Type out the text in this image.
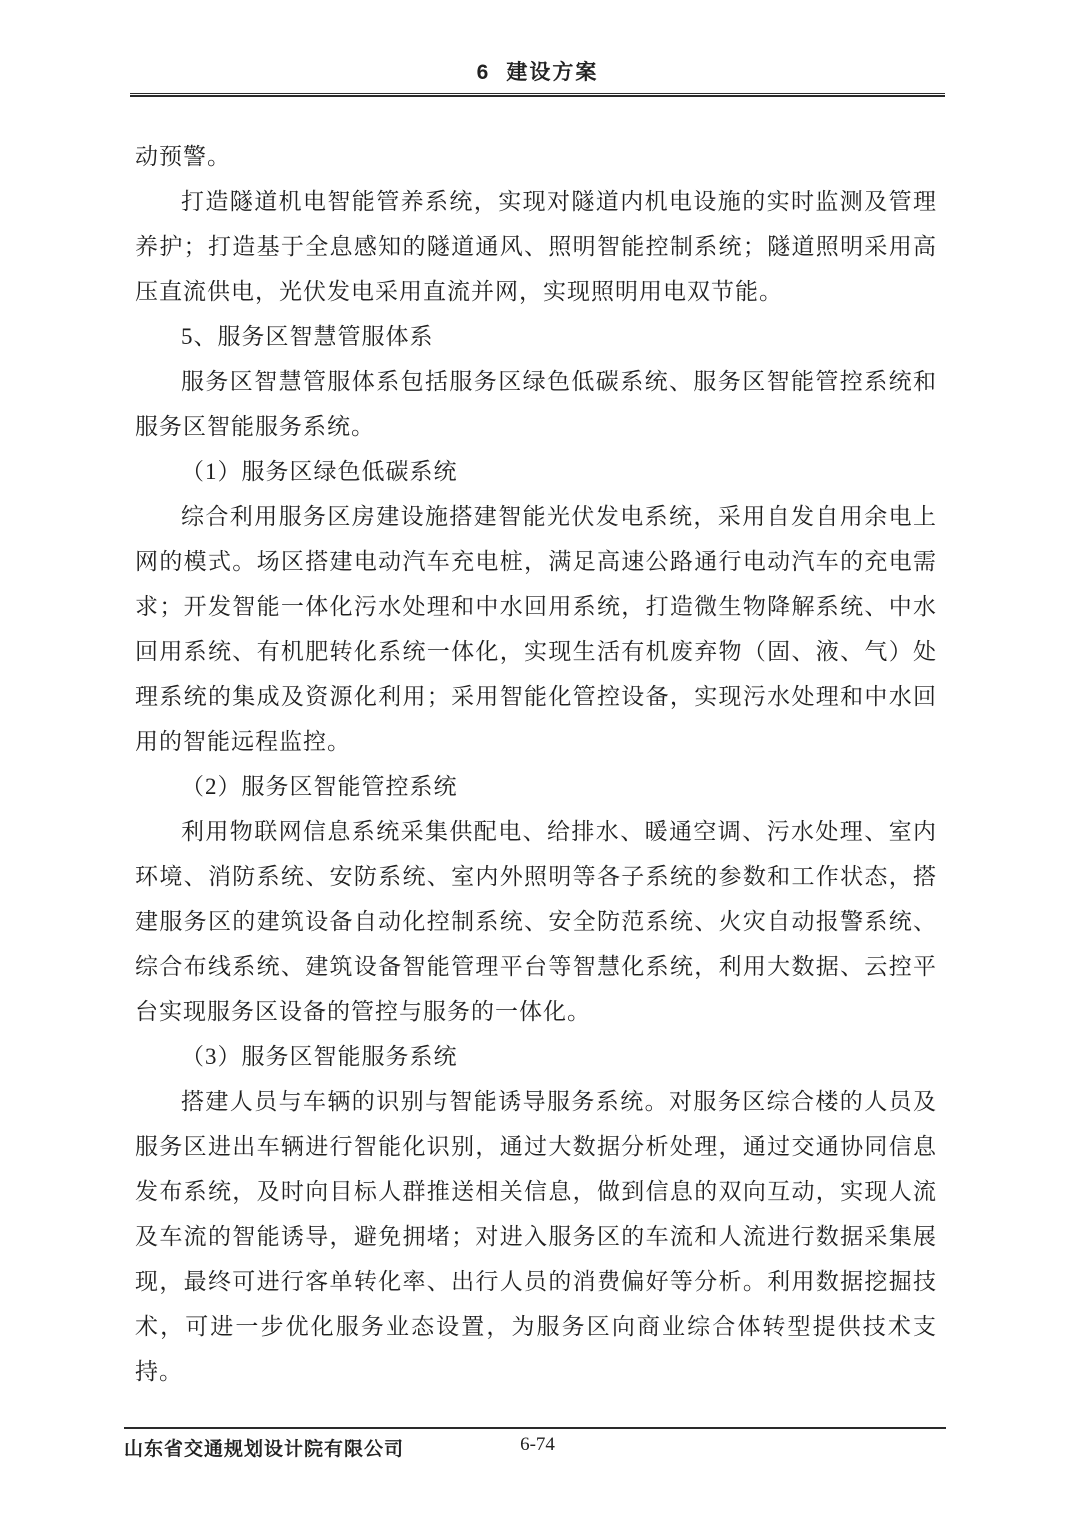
6 建设方案

动预警。

打造隧道机电智能管养系统，实现对隧道内机电设施的实时监测及管理养护；打造基于全息感知的隧道通风、照明智能控制系统；隧道照明采用高压直流供电，光伏发电采用直流并网，实现照明用电双节能。

5、服务区智慧管服体系

服务区智慧管服体系包括服务区绿色低碳系统、服务区智能管控系统和服务区智能服务系统。

（1）服务区绿色低碳系统

综合利用服务区房建设施搭建智能光伏发电系统，采用自发自用余电上网的模式。场区搭建电动汽车充电桩，满足高速公路通行电动汽车的充电需求；开发智能一体化污水处理和中水回用系统，打造微生物降解系统、中水回用系统、有机肥转化系统一体化，实现生活有机废弃物（固、液、气）处理系统的集成及资源化利用；采用智能化管控设备，实现污水处理和中水回用的智能远程监控。

（2）服务区智能管控系统

利用物联网信息系统采集供配电、给排水、暖通空调、污水处理、室内环境、消防系统、安防系统、室内外照明等各子系统的参数和工作状态，搭建服务区的建筑设备自动化控制系统、安全防范系统、火灾自动报警系统、综合布线系统、建筑设备智能管理平台等智慧化系统，利用大数据、云控平台实现服务区设备的管控与服务的一体化。

（3）服务区智能服务系统

搭建人员与车辆的识别与智能诱导服务系统。对服务区综合楼的人员及服务区进出车辆进行智能化识别，通过大数据分析处理，通过交通协同信息发布系统，及时向目标人群推送相关信息，做到信息的双向互动，实现人流及车流的智能诱导，避免拥堵；对进入服务区的车流和人流进行数据采集展现，最终可进行客单转化率、出行人员的消费偏好等分析。利用数据挖掘技术，可进一步优化服务业态设置，为服务区向商业综合体转型提供技术支持。

山东省交通规划设计院有限公司	6-74
